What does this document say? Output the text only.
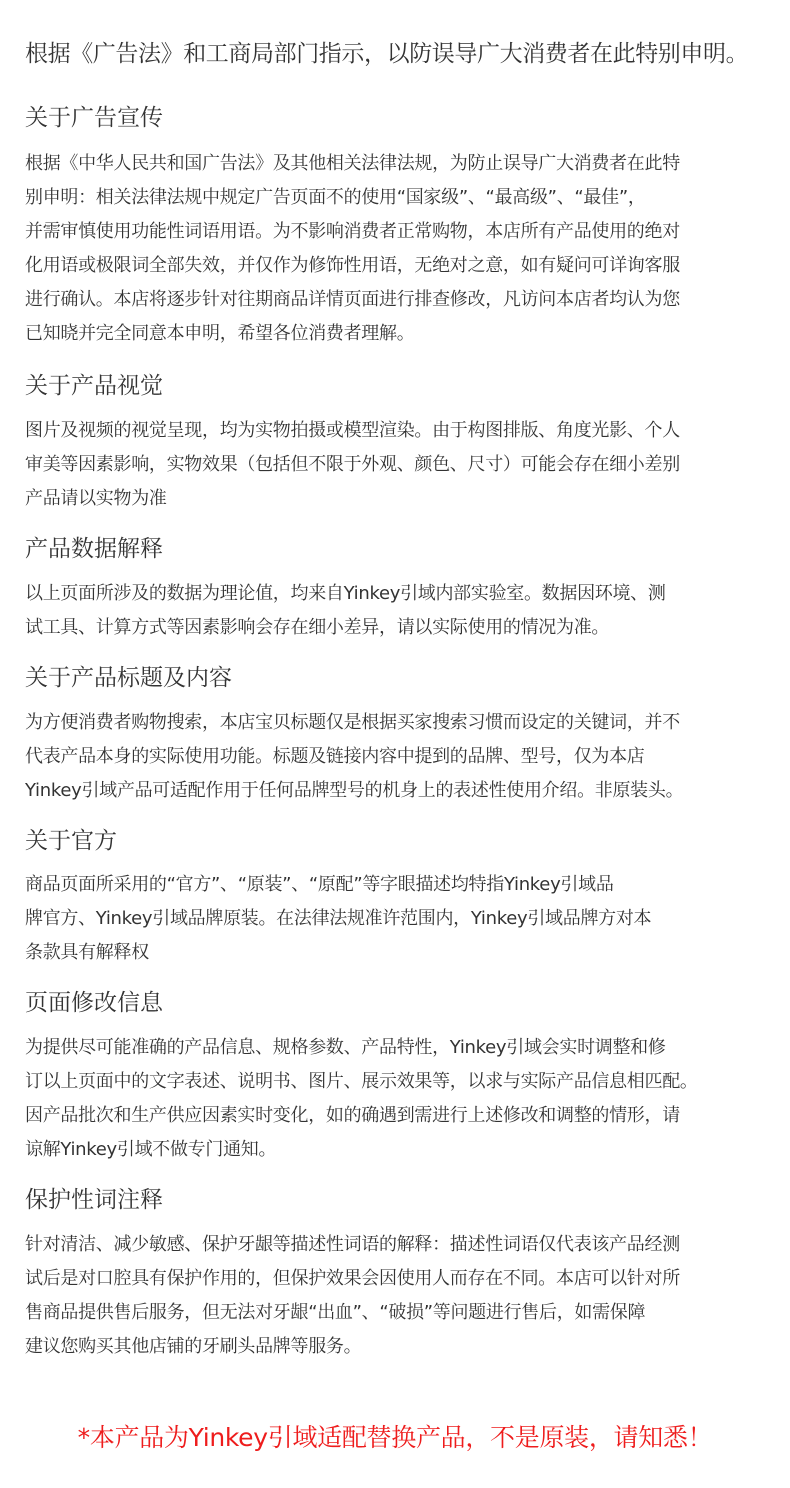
根据《广告法》和工商局部门指示，以防误导广大消费者在此特别申明。

关于广告宣传

根据《中华人民共和国广告法》及其他相关法律法规，为防止误导广大消费者在此特
别申明：相关法律法规中规定广告页面不的使用“国家级”、“最高级”、“最佳”，
并需审慎使用功能性词语用语。为不影响消费者正常购物，本店所有产品使用的绝对
化用语或极限词全部失效，并仅作为修饰性用语，无绝对之意，如有疑问可详询客服
进行确认。本店将逐步针对往期商品详情页面进行排查修改，凡访问本店者均认为您
已知晓并完全同意本申明，希望各位消费者理解。

关于产品视觉

图片及视频的视觉呈现，均为实物拍摄或模型渲染。由于构图排版、角度光影、个人
审美等因素影响，实物效果（包括但不限于外观、颜色、尺寸）可能会存在细小差别
产品请以实物为准

产品数据解释

以上页面所涉及的数据为理论值，均来自Yinkey引域内部实验室。数据因环境、测
试工具、计算方式等因素影响会存在细小差异，请以实际使用的情况为准。

关于产品标题及内容

为方便消费者购物搜索，本店宝贝标题仅是根据买家搜索习惯而设定的关键词，并不
代表产品本身的实际使用功能。标题及链接内容中提到的品牌、型号，仅为本店
Yinkey引域产品可适配作用于任何品牌型号的机身上的表述性使用介绍。非原装头。

关于官方

商品页面所采用的“官方”、“原装”、“原配”等字眼描述均特指Yinkey引域品
牌官方、Yinkey引域品牌原装。在法律法规准许范围内，Yinkey引域品牌方对本
条款具有解释权

页面修改信息

为提供尽可能准确的产品信息、规格参数、产品特性，Yinkey引域会实时调整和修
订以上页面中的文字表述、说明书、图片、展示效果等，以求与实际产品信息相匹配。
因产品批次和生产供应因素实时变化，如的确遇到需进行上述修改和调整的情形，请
谅解Yinkey引域不做专门通知。

保护性词注释

针对清洁、减少敏感、保护牙龈等描述性词语的解释：描述性词语仅代表该产品经测
试后是对口腔具有保护作用的，但保护效果会因使用人而存在不同。本店可以针对所
售商品提供售后服务，但无法对牙龈“出血”、“破损”等问题进行售后，如需保障
建议您购买其他店铺的牙刷头品牌等服务。

*本产品为Yinkey引域适配替换产品，不是原装，请知悉！
